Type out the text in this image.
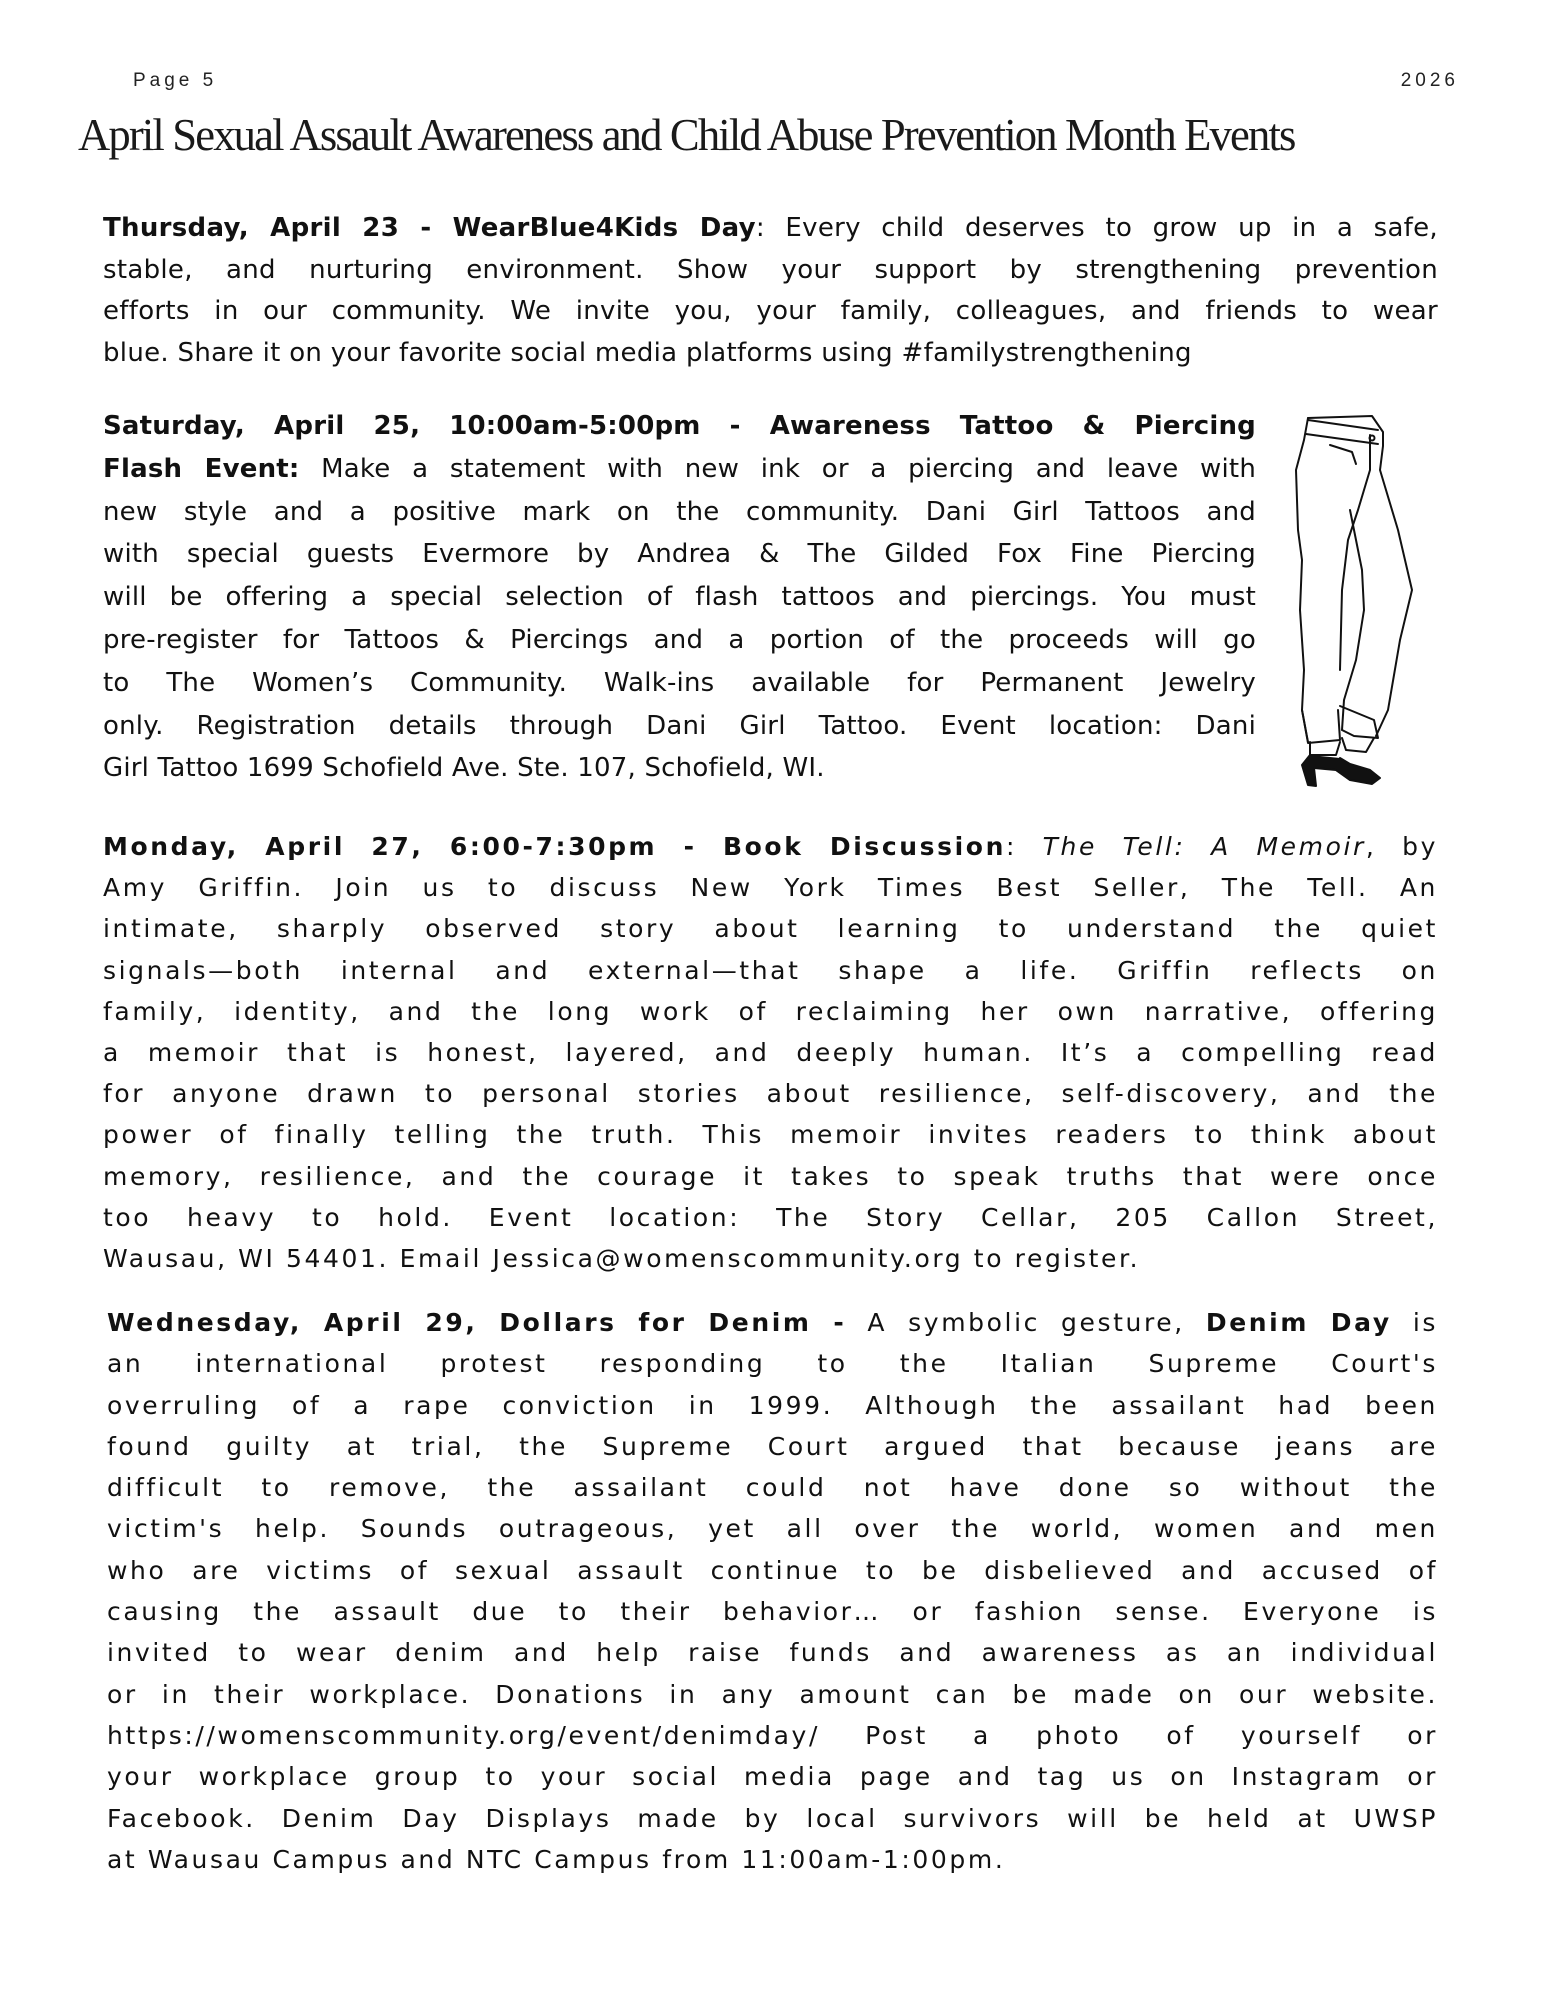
Page 5	2026
April Sexual Assault Awareness and Child Abuse Prevention Month Events
Thursday, April 23 - WearBlue4Kids Day: Every child deserves to grow up in a safe,
stable, and nurturing environment. Show your support by strengthening prevention
efforts in our community. We invite you, your family, colleagues, and friends to wear
blue. Share it on your favorite social media platforms using #familystrengthening
Saturday, April 25, 10:00am-5:00pm - Awareness Tattoo & Piercing
Flash Event: Make a statement with new ink or a piercing and leave with
new style and a positive mark on the community. Dani Girl Tattoos and
with special guests Evermore by Andrea & The Gilded Fox Fine Piercing
will be offering a special selection of flash tattoos and piercings. You must
pre-register for Tattoos & Piercings and a portion of the proceeds will go
to The Women’s Community. Walk-ins available for Permanent Jewelry
only. Registration details through Dani Girl Tattoo. Event location: Dani
Girl Tattoo 1699 Schofield Ave. Ste. 107, Schofield, WI.
Monday, April 27, 6:00-7:30pm - Book Discussion: The Tell: A Memoir, by
Amy Griffin. Join us to discuss New York Times Best Seller, The Tell. An
intimate, sharply observed story about learning to understand the quiet
signals—both internal and external—that shape a life. Griffin reflects on
family, identity, and the long work of reclaiming her own narrative, offering
a memoir that is honest, layered, and deeply human. It’s a compelling read
for anyone drawn to personal stories about resilience, self-discovery, and the
power of finally telling the truth. This memoir invites readers to think about
memory, resilience, and the courage it takes to speak truths that were once
too heavy to hold. Event location: The Story Cellar, 205 Callon Street,
Wausau, WI 54401. Email Jessica@womenscommunity.org to register.
Wednesday, April 29, Dollars for Denim - A symbolic gesture, Denim Day is
an international protest responding to the Italian Supreme Court's
overruling of a rape conviction in 1999. Although the assailant had been
found guilty at trial, the Supreme Court argued that because jeans are
difficult to remove, the assailant could not have done so without the
victim's help. Sounds outrageous, yet all over the world, women and men
who are victims of sexual assault continue to be disbelieved and accused of
causing the assault due to their behavior… or fashion sense. Everyone is
invited to wear denim and help raise funds and awareness as an individual
or in their workplace. Donations in any amount can be made on our website.
https://womenscommunity.org/event/denimday/ Post a photo of yourself or
your workplace group to your social media page and tag us on Instagram or
Facebook. Denim Day Displays made by local survivors will be held at UWSP
at Wausau Campus and NTC Campus from 11:00am-1:00pm.
